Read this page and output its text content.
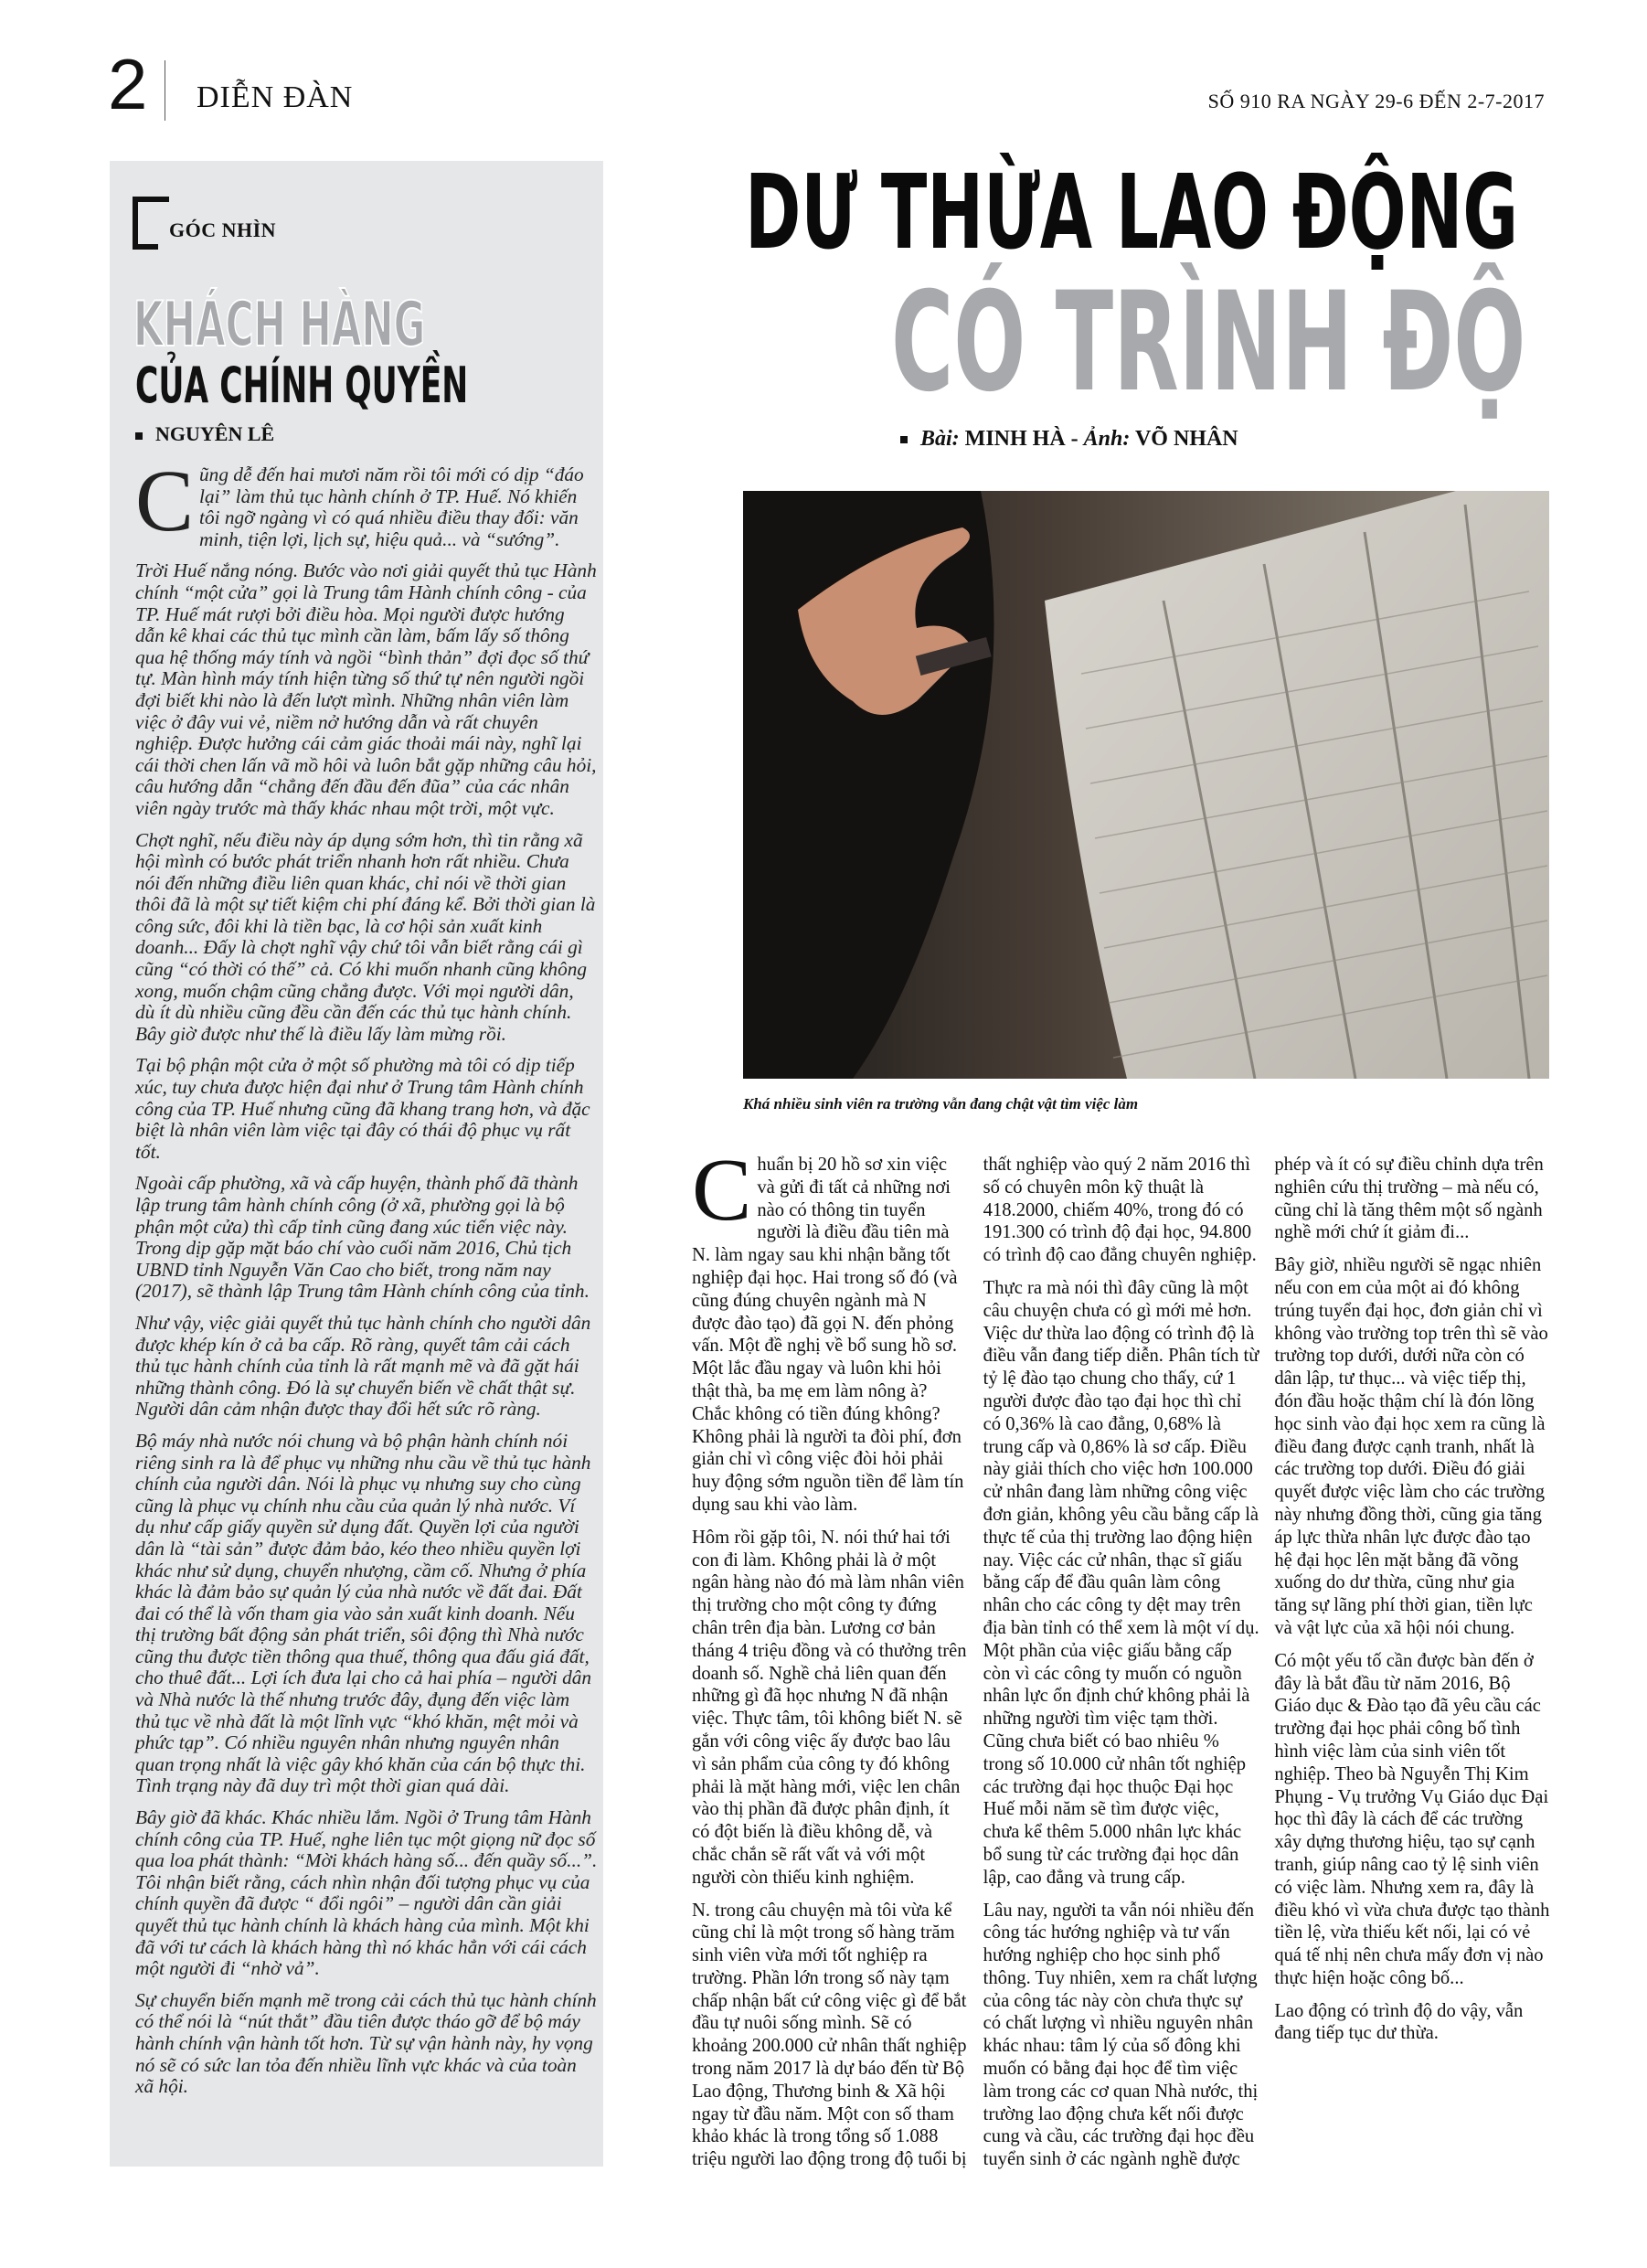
2 DIỄN ĐÀN	SỐ 910 RA NGÀY 29-6 ĐẾN 2-7-2017
GÓC NHÌN
KHÁCH HÀNG
CỦA CHÍNH QUYỀN
NGUYÊN LÊ

Cũng dễ đến hai mươi năm rồi tôi mới có dịp “đáo lại” làm thủ tục hành chính ở TP. Huế. Nó khiến tôi ngỡ ngàng vì có quá nhiều điều thay đổi: văn minh, tiện lợi, lịch sự, hiệu quả... và “sướng”.

Trời Huế nắng nóng. Bước vào nơi giải quyết thủ tục Hành chính “một cửa” gọi là Trung tâm Hành chính công - của TP. Huế mát rượi bởi điều hòa. Mọi người được hướng dẫn kê khai các thủ tục mình cần làm, bấm lấy số thông qua hệ thống máy tính và ngồi “bình thản” đợi đọc số thứ tự. Màn hình máy tính hiện từng số thứ tự nên người ngồi đợi biết khi nào là đến lượt mình. Những nhân viên làm việc ở đây vui vẻ, niềm nở hướng dẫn và rất chuyên nghiệp. Được hưởng cái cảm giác thoải mái này, nghĩ lại cái thời chen lấn vã mồ hôi và luôn bắt gặp những câu hỏi, câu hướng dẫn “chẳng đến đầu đến đũa” của các nhân viên ngày trước mà thấy khác nhau một trời, một vực.

Chợt nghĩ, nếu điều này áp dụng sớm hơn, thì tin rằng xã hội mình có bước phát triển nhanh hơn rất nhiều. Chưa nói đến những điều liên quan khác, chỉ nói về thời gian thôi đã là một sự tiết kiệm chi phí đáng kể. Bởi thời gian là công sức, đôi khi là tiền bạc, là cơ hội sản xuất kinh doanh... Đấy là chợt nghĩ vậy chứ tôi vẫn biết rằng cái gì cũng “có thời có thế” cả. Có khi muốn nhanh cũng không xong, muốn chậm cũng chẳng được. Với mọi người dân, dù ít dù nhiều cũng đều cần đến các thủ tục hành chính. Bây giờ được như thế là điều lấy làm mừng rồi.

Tại bộ phận một cửa ở một số phường mà tôi có dịp tiếp xúc, tuy chưa được hiện đại như ở Trung tâm Hành chính công của TP. Huế nhưng cũng đã khang trang hơn, và đặc biệt là nhân viên làm việc tại đây có thái độ phục vụ rất tốt.

Ngoài cấp phường, xã và cấp huyện, thành phố đã thành lập trung tâm hành chính công (ở xã, phường gọi là bộ phận một cửa) thì cấp tỉnh cũng đang xúc tiến việc này. Trong dịp gặp mặt báo chí vào cuối năm 2016, Chủ tịch UBND tỉnh Nguyễn Văn Cao cho biết, trong năm nay (2017), sẽ thành lập Trung tâm Hành chính công của tỉnh.

Như vậy, việc giải quyết thủ tục hành chính cho người dân được khép kín ở cả ba cấp. Rõ ràng, quyết tâm cải cách thủ tục hành chính của tỉnh là rất mạnh mẽ và đã gặt hái những thành công. Đó là sự chuyển biến về chất thật sự. Người dân cảm nhận được thay đổi hết sức rõ ràng.

Bộ máy nhà nước nói chung và bộ phận hành chính nói riêng sinh ra là để phục vụ những nhu cầu về thủ tục hành chính của người dân. Nói là phục vụ nhưng suy cho cùng cũng là phục vụ chính nhu cầu của quản lý nhà nước. Ví dụ như cấp giấy quyền sử dụng đất. Quyền lợi của người dân là “tài sản” được đảm bảo, kéo theo nhiều quyền lợi khác như sử dụng, chuyển nhượng, cầm cố. Nhưng ở phía khác là đảm bảo sự quản lý của nhà nước về đất đai. Đất đai có thể là vốn tham gia vào sản xuất kinh doanh. Nếu thị trường bất động sản phát triển, sôi động thì Nhà nước cũng thu được tiền thông qua thuế, thông qua đấu giá đất, cho thuê đất... Lợi ích đưa lại cho cả hai phía – người dân và Nhà nước là thế nhưng trước đây, đụng đến việc làm thủ tục về nhà đất là một lĩnh vực “khó khăn, mệt mỏi và phức tạp”. Có nhiều nguyên nhân nhưng nguyên nhân quan trọng nhất là việc gây khó khăn của cán bộ thực thi. Tình trạng này đã duy trì một thời gian quá dài.

Bây giờ đã khác. Khác nhiều lắm. Ngồi ở Trung tâm Hành chính công của TP. Huế, nghe liên tục một giọng nữ đọc số qua loa phát thành: “Mời khách hàng số... đến quầy số...”. Tôi nhận biết rằng, cách nhìn nhận đối tượng phục vụ của chính quyền đã được “ đổi ngôi” – người dân cần giải quyết thủ tục hành chính là khách hàng của mình. Một khi đã với tư cách là khách hàng thì nó khác hẳn với cái cách một người đi “nhờ vả”.

Sự chuyển biến mạnh mẽ trong cải cách thủ tục hành chính có thể nói là “nút thắt” đầu tiên được tháo gỡ để bộ máy hành chính vận hành tốt hơn. Từ sự vận hành này, hy vọng nó sẽ có sức lan tỏa đến nhiều lĩnh vực khác và của toàn xã hội.

DƯ THỪA LAO ĐỘNG
CÓ TRÌNH ĐỘ
Bài: MINH HÀ - Ảnh: VÕ NHÂN
Khá nhiều sinh viên ra trường vẫn đang chật vật tìm việc làm

Chuẩn bị 20 hồ sơ xin việc và gửi đi tất cả những nơi nào có thông tin tuyển người là điều đầu tiên mà N. làm ngay sau khi nhận bằng tốt nghiệp đại học. Hai trong số đó (và cũng đúng chuyên ngành mà N được đào tạo) đã gọi N. đến phỏng vấn. Một đề nghị về bổ sung hồ sơ. Một lắc đầu ngay và luôn khi hỏi thật thà, ba mẹ em làm nông à? Chắc không có tiền đúng không? Không phải là người ta đòi phí, đơn giản chỉ vì công việc đòi hỏi phải huy động sớm nguồn tiền để làm tín dụng sau khi vào làm.

Hôm rồi gặp tôi, N. nói thứ hai tới con đi làm. Không phải là ở một ngân hàng nào đó mà làm nhân viên thị trường cho một công ty đứng chân trên địa bàn. Lương cơ bản tháng 4 triệu đồng và có thưởng trên doanh số. Nghề chả liên quan đến những gì đã học nhưng N đã nhận việc. Thực tâm, tôi không biết N. sẽ gắn với công việc ấy được bao lâu vì sản phẩm của công ty đó không phải là mặt hàng mới, việc len chân vào thị phần đã được phân định, ít có đột biến là điều không dễ, và chắc chắn sẽ rất vất vả với một người còn thiếu kinh nghiệm.

N. trong câu chuyện mà tôi vừa kể cũng chỉ là một trong số hàng trăm sinh viên vừa mới tốt nghiệp ra trường. Phần lớn trong số này tạm chấp nhận bất cứ công việc gì để bắt đầu tự nuôi sống mình. Sẽ có khoảng 200.000 cử nhân thất nghiệp trong năm 2017 là dự báo đến từ Bộ Lao động, Thương binh & Xã hội ngay từ đầu năm. Một con số tham khảo khác là trong tổng số 1.088 triệu người lao động trong độ tuổi bị thất nghiệp vào quý 2 năm 2016 thì số có chuyên môn kỹ thuật là 418.2000, chiếm 40%, trong đó có 191.300 có trình độ đại học, 94.800 có trình độ cao đẳng chuyên nghiệp.

Thực ra mà nói thì đây cũng là một câu chuyện chưa có gì mới mẻ hơn. Việc dư thừa lao động có trình độ là điều vẫn đang tiếp diễn. Phân tích từ tỷ lệ đào tạo chung cho thấy, cứ 1 người được đào tạo đại học thì chỉ có 0,36% là cao đẳng, 0,68% là trung cấp và 0,86% là sơ cấp. Điều này giải thích cho việc hơn 100.000 cử nhân đang làm những công việc đơn giản, không yêu cầu bằng cấp là thực tế của thị trường lao động hiện nay. Việc các cử nhân, thạc sĩ giấu bằng cấp để đầu quân làm công nhân cho các công ty dệt may trên địa bàn tỉnh có thể xem là một ví dụ. Một phần của việc giấu bằng cấp còn vì các công ty muốn có nguồn nhân lực ổn định chứ không phải là những người tìm việc tạm thời. Cũng chưa biết có bao nhiêu % trong số 10.000 cử nhân tốt nghiệp các trường đại học thuộc Đại học Huế mỗi năm sẽ tìm được việc, chưa kể thêm 5.000 nhân lực khác bổ sung từ các trường đại học dân lập, cao đẳng và trung cấp.

Lâu nay, người ta vẫn nói nhiều đến công tác hướng nghiệp và tư vấn hướng nghiệp cho học sinh phổ thông. Tuy nhiên, xem ra chất lượng của công tác này còn chưa thực sự có chất lượng vì nhiều nguyên nhân khác nhau: tâm lý của số đông khi muốn có bằng đại học để tìm việc làm trong các cơ quan Nhà nước, thị trường lao động chưa kết nối được cung và cầu, các trường đại học đều tuyển sinh ở các ngành nghề được phép và ít có sự điều chỉnh dựa trên nghiên cứu thị trường – mà nếu có, cũng chỉ là tăng thêm một số ngành nghề mới chứ ít giảm đi...

Bây giờ, nhiều người sẽ ngạc nhiên nếu con em của một ai đó không trúng tuyển đại học, đơn giản chỉ vì không vào trường top trên thì sẽ vào trường top dưới, dưới nữa còn có dân lập, tư thục... và việc tiếp thị, đón đầu hoặc thậm chí là đón lõng học sinh vào đại học xem ra cũng là điều đang được cạnh tranh, nhất là các trường top dưới. Điều đó giải quyết được việc làm cho các trường này nhưng đồng thời, cũng gia tăng áp lực thừa nhân lực được đào tạo hệ đại học lên mặt bằng đã võng xuống do dư thừa, cũng như gia tăng sự lãng phí thời gian, tiền lực và vật lực của xã hội nói chung.

Có một yếu tố cần được bàn đến ở đây là bắt đầu từ năm 2016, Bộ Giáo dục & Đào tạo đã yêu cầu các trường đại học phải công bố tình hình việc làm của sinh viên tốt nghiệp. Theo bà Nguyễn Thị Kim Phụng - Vụ trưởng Vụ Giáo dục Đại học thì đây là cách để các trường xây dựng thương hiệu, tạo sự cạnh tranh, giúp nâng cao tỷ lệ sinh viên có việc làm. Nhưng xem ra, đây là điều khó vì vừa chưa được tạo thành tiền lệ, vừa thiếu kết nối, lại có vẻ quá tế nhị nên chưa mấy đơn vị nào thực hiện hoặc công bố...

Lao động có trình độ do vậy, vẫn đang tiếp tục dư thừa.
